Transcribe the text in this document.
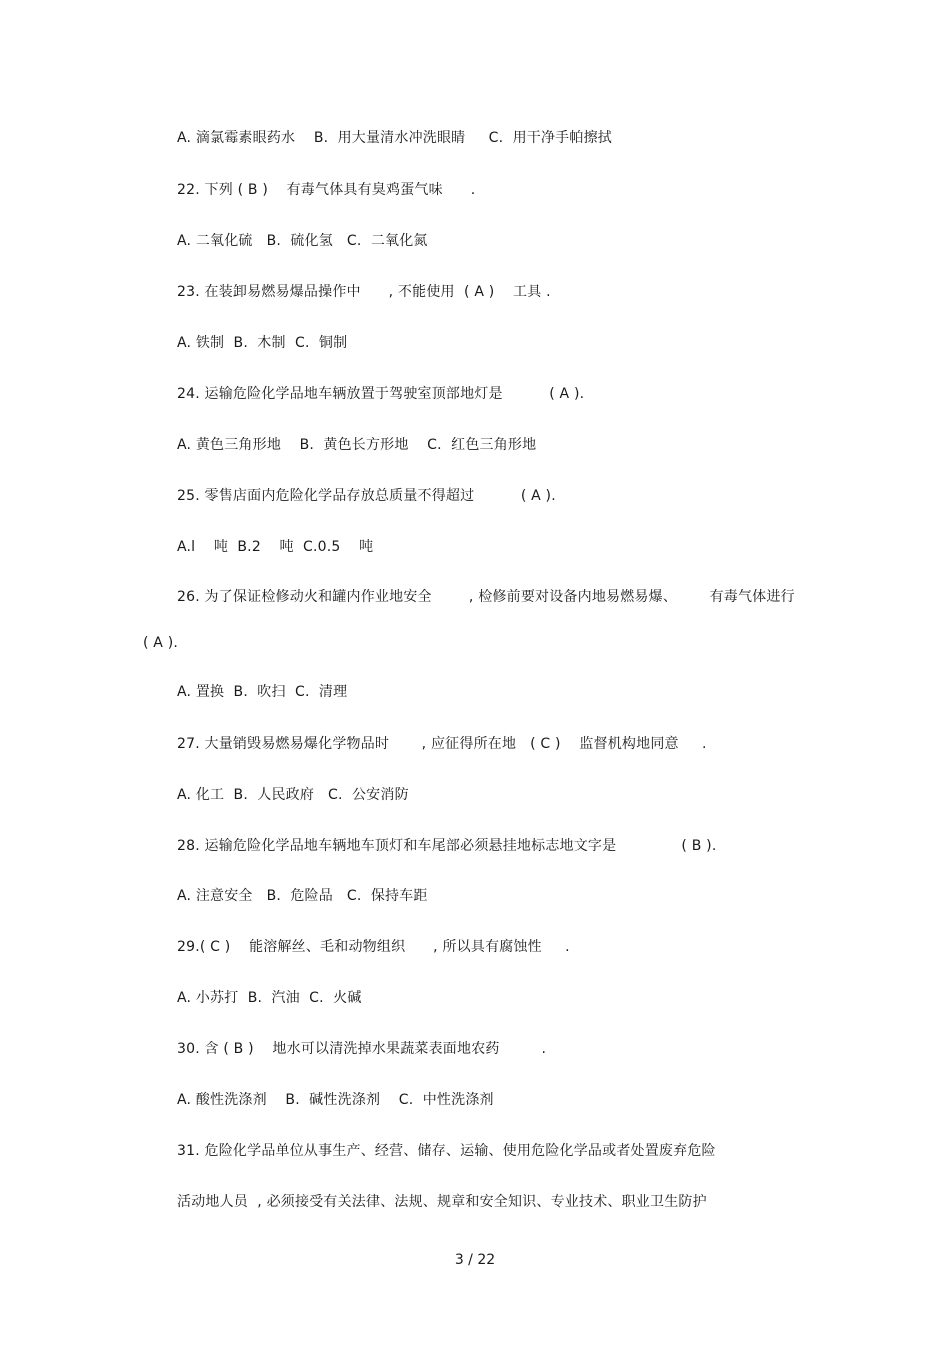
A. 滴氯霉素眼药水    B.  用大量清水冲洗眼睛     C.  用干净手帕擦拭
22. 下列 ( B )    有毒气体具有臭鸡蛋气味      .
A. 二氧化硫   B.  硫化氢   C.  二氧化氮
23. 在装卸易燃易爆品操作中      , 不能使用  ( A )    工具 .
A. 铁制  B.  木制  C.  铜制
24. 运输危险化学品地车辆放置于驾驶室顶部地灯是          ( A ).
A. 黄色三角形地    B.  黄色长方形地    C.  红色三角形地
25. 零售店面内危险化学品存放总质量不得超过          ( A ).
A.l    吨  B.2    吨  C.0.5    吨
26. 为了保证检修动火和罐内作业地安全        , 检修前要对设备内地易燃易爆、       有毒气体进行
( A ).
A. 置换  B.  吹扫  C.  清理
27. 大量销毁易燃易爆化学物品时       , 应征得所在地   ( C )    监督机构地同意     .
A. 化工  B.  人民政府   C.  公安消防
28. 运输危险化学品地车辆地车顶灯和车尾部必须悬挂地标志地文字是              ( B ).
A. 注意安全   B.  危险品   C.  保持车距
29.( C )    能溶解丝、毛和动物组织      , 所以具有腐蚀性     .
A. 小苏打  B.  汽油  C.  火碱
30. 含 ( B )    地水可以清洗掉水果蔬菜表面地农药         .
A. 酸性洗涤剂    B.  碱性洗涤剂    C.  中性洗涤剂
31. 危险化学品单位从事生产、经营、储存、运输、使用危险化学品或者处置废弃危险
活动地人员  , 必须接受有关法律、法规、规章和安全知识、专业技术、职业卫生防护
3 / 22
